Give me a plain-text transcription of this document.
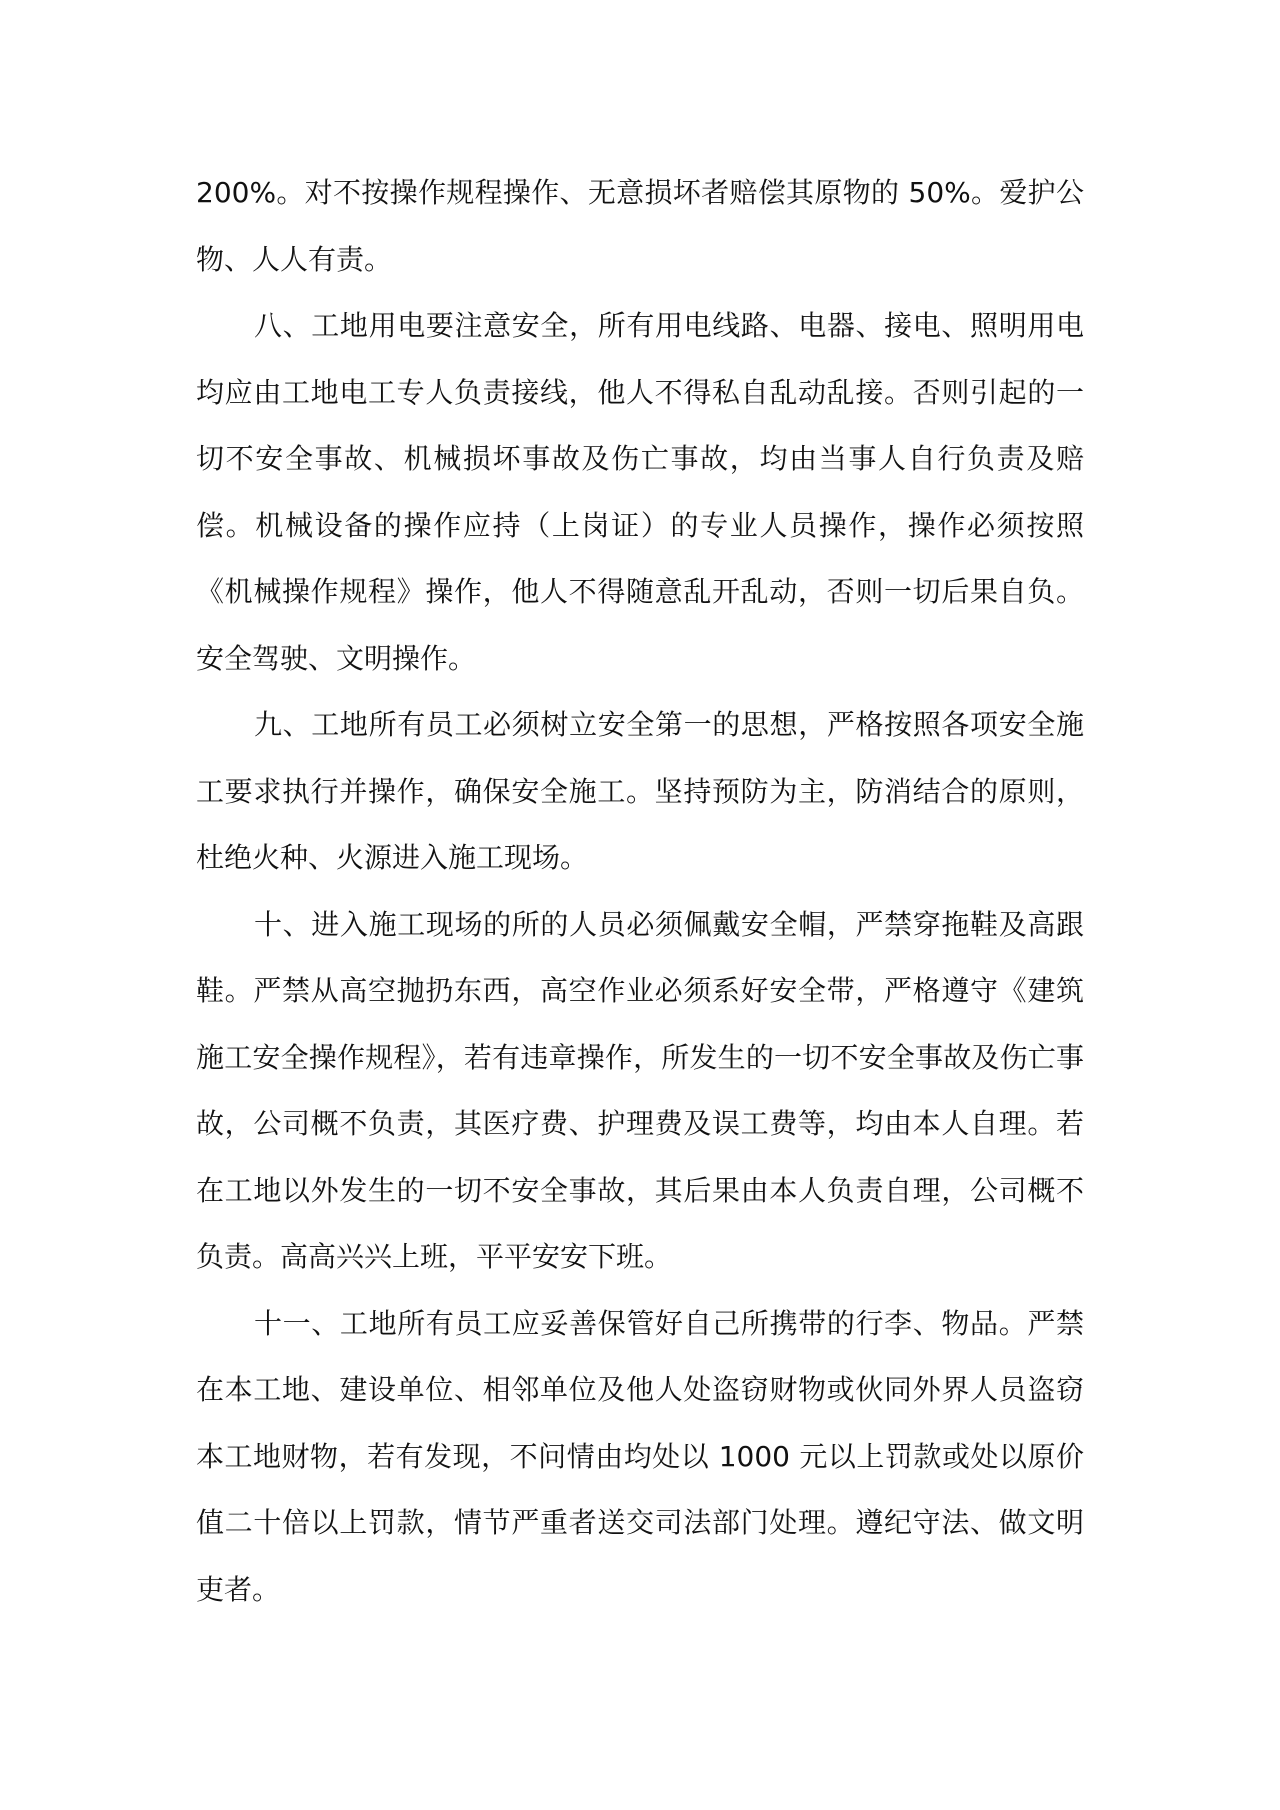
200%。对不按操作规程操作、无意损坏者赔偿其原物的 50%。爱护公物、人人有责。

八、工地用电要注意安全，所有用电线路、电器、接电、照明用电均应由工地电工专人负责接线，他人不得私自乱动乱接。否则引起的一切不安全事故、机械损坏事故及伤亡事故，均由当事人自行负责及赔偿。机械设备的操作应持（上岗证）的专业人员操作，操作必须按照《机械操作规程》操作，他人不得随意乱开乱动，否则一切后果自负。安全驾驶、文明操作。

九、工地所有员工必须树立安全第一的思想，严格按照各项安全施工要求执行并操作，确保安全施工。坚持预防为主，防消结合的原则，杜绝火种、火源进入施工现场。

十、进入施工现场的所的人员必须佩戴安全帽，严禁穿拖鞋及高跟鞋。严禁从高空抛扔东西，高空作业必须系好安全带，严格遵守《建筑施工安全操作规程》，若有违章操作，所发生的一切不安全事故及伤亡事故，公司概不负责，其医疗费、护理费及误工费等，均由本人自理。若在工地以外发生的一切不安全事故，其后果由本人负责自理，公司概不负责。高高兴兴上班，平平安安下班。

十一、工地所有员工应妥善保管好自己所携带的行李、物品。严禁在本工地、建设单位、相邻单位及他人处盗窃财物或伙同外界人员盗窃本工地财物，若有发现，不问情由均处以 1000 元以上罚款或处以原价值二十倍以上罚款，情节严重者送交司法部门处理。遵纪守法、做文明吏者。
